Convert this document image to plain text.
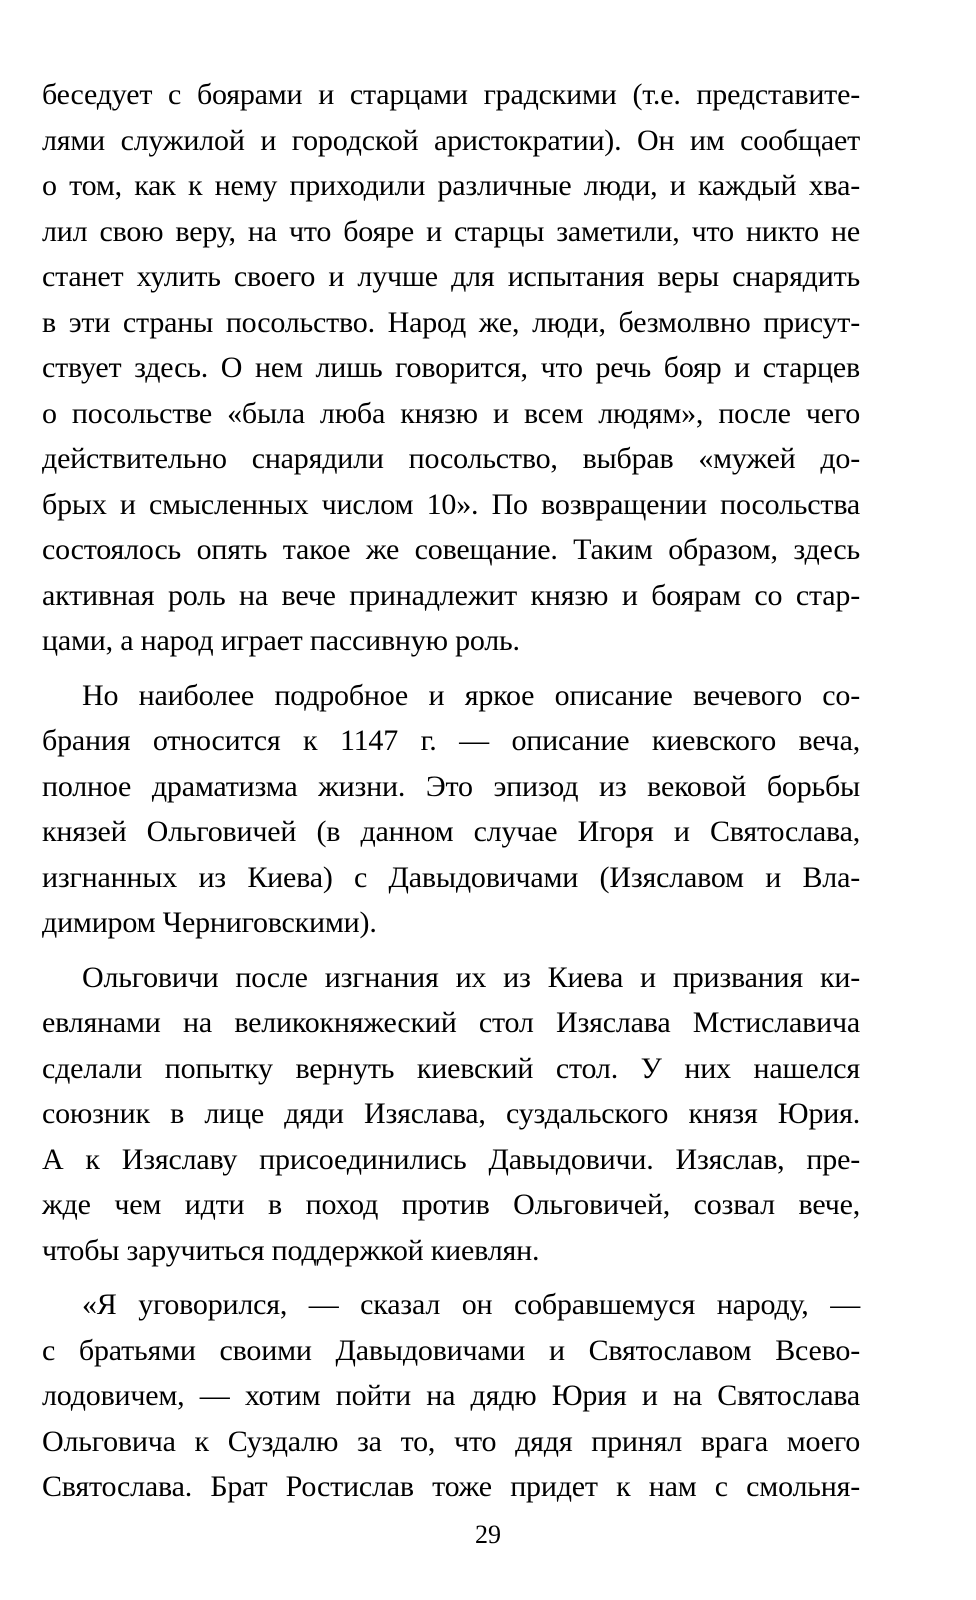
беседует с боярами и старцами градскими (т.е. представите-
лями служилой и городской аристократии). Он им сообщает
о том, как к нему приходили различные люди, и каждый хва-
лил свою веру, на что бояре и старцы заметили, что никто не
станет хулить своего и лучше для испытания веры снарядить
в эти страны посольство. Народ же, люди, безмолвно присут-
ствует здесь. О нем лишь говорится, что речь бояр и старцев
о посольстве «была люба князю и всем людям», после чего
действительно снарядили посольство, выбрав «мужей до-
брых и смысленных числом 10». По возвращении посольства
состоялось опять такое же совещание. Таким образом, здесь
активная роль на вече принадлежит князю и боярам со стар-
цами, а народ играет пассивную роль.
Но наиболее подробное и яркое описание вечевого со-
брания относится к 1147 г. — описание киевского веча,
полное драматизма жизни. Это эпизод из вековой борьбы
князей Ольговичей (в данном случае Игоря и Святослава,
изгнанных из Киева) с Давыдовичами (Изяславом и Вла-
димиром Черниговскими).
Ольговичи после изгнания их из Киева и призвания ки-
евлянами на великокняжеский стол Изяслава Мстиславича
сделали попытку вернуть киевский стол. У них нашелся
союзник в лице дяди Изяслава, суздальского князя Юрия.
А к Изяславу присоединились Давыдовичи. Изяслав, пре-
жде чем идти в поход против Ольговичей, созвал вече,
чтобы заручиться поддержкой киевлян.
«Я уговорился, — сказал он собравшемуся народу, —
с братьями своими Давыдовичами и Святославом Всево-
лодовичем, — хотим пойти на дядю Юрия и на Святослава
Ольговича к Суздалю за то, что дядя принял врага моего
Святослава. Брат Ростислав тоже придет к нам с смольня-
29
